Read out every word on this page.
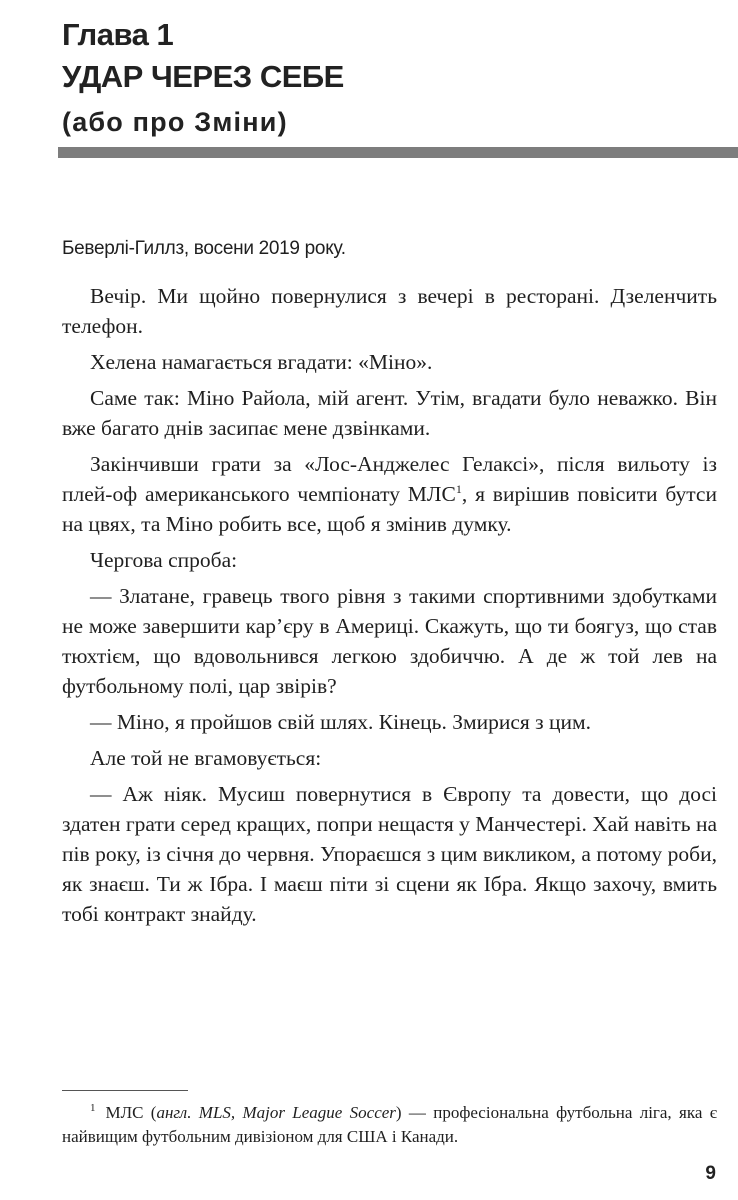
Глава 1
УДАР ЧЕРЕЗ СЕБЕ
(або про Зміни)

Беверлі-Гиллз, восени 2019 року.

Вечір. Ми щойно повернулися з вечері в ресторані. Дзеленчить телефон.

Хелена намагається вгадати: «Міно».

Саме так: Міно Райола, мій агент. Утім, вгадати було неважко. Він вже багато днів засипає мене дзвінками.

Закінчивши грати за «Лос-Анджелес Гелаксі», після вильоту із плей-оф американського чемпіонату МЛС$^1$, я вирішив повісити бутси на цвях, та Міно робить все, щоб я змінив думку.

Чергова спроба:

— Златане, гравець твого рівня з такими спортивними здобутками не може завершити кар’єру в Америці. Скажуть, що ти боягуз, що став тюхтієм, що вдовольнився легкою здобиччю. А де ж той лев на футбольному полі, цар звірів?

— Міно, я пройшов свій шлях. Кінець. Змирися з цим.

Але той не вгамовується:

— Аж ніяк. Мусиш повернутися в Європу та довести, що досі здатен грати серед кращих, попри нещастя у Манчестері. Хай навіть на пів року, із січня до червня. Упораєшся з цим викликом, а потому роби, як знаєш. Ти ж Ібра. І маєш піти зі сцени як Ібра. Якщо захочу, вмить тобі контракт знайду.

$^1$ МЛС (англ. MLS, Major League Soccer) — професіональна футбольна ліга, яка є найвищим футбольним дивізіоном для США і Канади.
9
